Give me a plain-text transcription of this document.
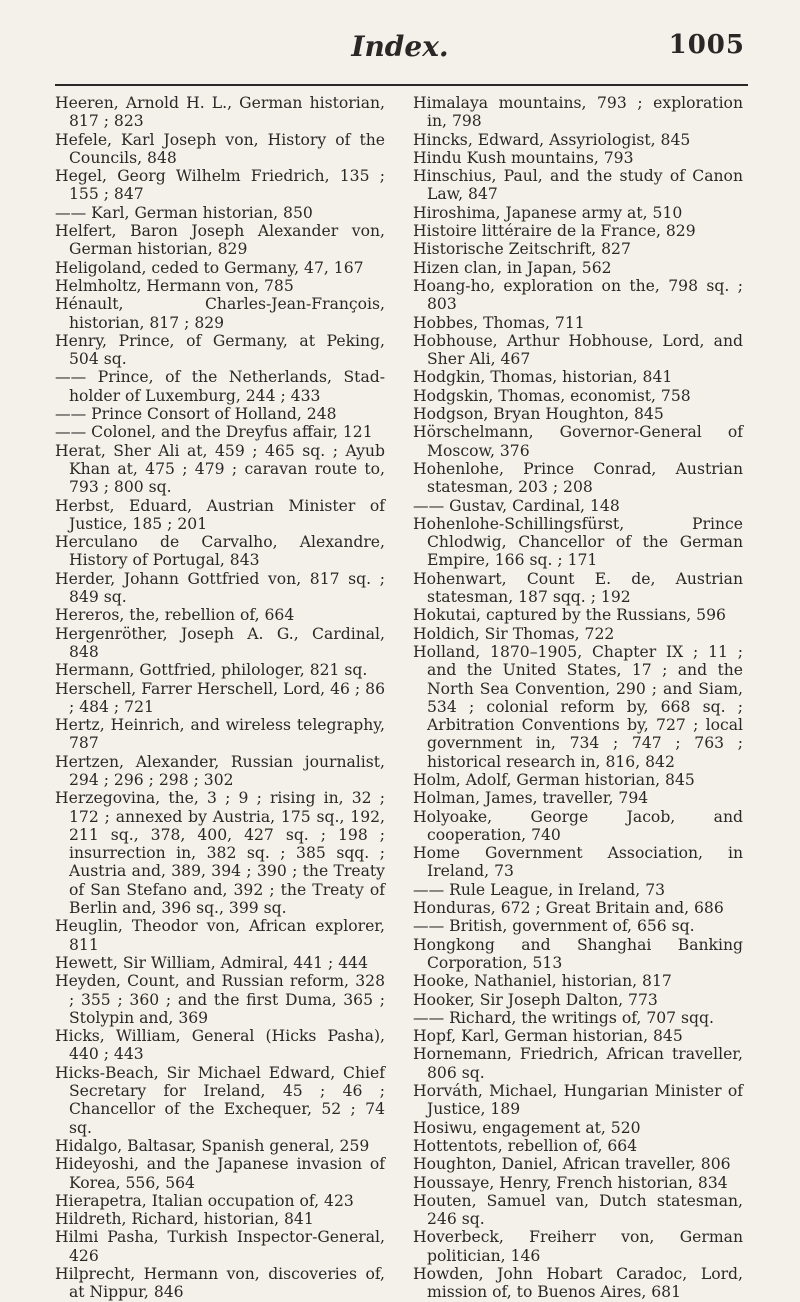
Index.	1005
Heeren, Arnold H. L., German historian, 817 ; 823
Hefele, Karl Joseph von, History of the Councils, 848
Hegel, Georg Wilhelm Friedrich, 135 ; 155 ; 847
—— Karl, German historian, 850
Helfert, Baron Joseph Alexander von, German historian, 829
Heligoland, ceded to Germany, 47, 167
Helmholtz, Hermann von, 785
Hénault, Charles-Jean-François, historian, 817 ; 829
Henry, Prince, of Germany, at Peking, 504 sq.
—— Prince, of the Netherlands, Stad-holder of Luxemburg, 244 ; 433
—— Prince Consort of Holland, 248
—— Colonel, and the Dreyfus affair, 121
Herat, Sher Ali at, 459 ; 465 sq. ; Ayub Khan at, 475 ; 479 ; caravan route to, 793 ; 800 sq.
Herbst, Eduard, Austrian Minister of Justice, 185 ; 201
Herculano de Carvalho, Alexandre, History of Portugal, 843
Herder, Johann Gottfried von, 817 sq. ; 849 sq.
Hereros, the, rebellion of, 664
Hergenröther, Joseph A. G., Cardinal, 848
Hermann, Gottfried, philologer, 821 sq.
Herschell, Farrer Herschell, Lord, 46 ; 86 ; 484 ; 721
Hertz, Heinrich, and wireless telegraphy, 787
Hertzen, Alexander, Russian journalist, 294 ; 296 ; 298 ; 302
Herzegovina, the, 3 ; 9 ; rising in, 32 ; 172 ; annexed by Austria, 175 sq., 192, 211 sq., 378, 400, 427 sq. ; 198 ; insurrection in, 382 sq. ; 385 sqq. ; Austria and, 389, 394 ; 390 ; the Treaty of San Stefano and, 392 ; the Treaty of Berlin and, 396 sq., 399 sq.
Heuglin, Theodor von, African explorer, 811
Hewett, Sir William, Admiral, 441 ; 444
Heyden, Count, and Russian reform, 328 ; 355 ; 360 ; and the first Duma, 365 ; Stolypin and, 369
Hicks, William, General (Hicks Pasha), 440 ; 443
Hicks-Beach, Sir Michael Edward, Chief Secretary for Ireland, 45 ; 46 ; Chancellor of the Exchequer, 52 ; 74 sq.
Hidalgo, Baltasar, Spanish general, 259
Hideyoshi, and the Japanese invasion of Korea, 556, 564
Hierapetra, Italian occupation of, 423
Hildreth, Richard, historian, 841
Hilmi Pasha, Turkish Inspector-General, 426
Hilprecht, Hermann von, discoveries of, at Nippur, 846
Himalaya mountains, 793 ; exploration in, 798
Hincks, Edward, Assyriologist, 845
Hindu Kush mountains, 793
Hinschius, Paul, and the study of Canon Law, 847
Hiroshima, Japanese army at, 510
Histoire littéraire de la France, 829
Historische Zeitschrift, 827
Hizen clan, in Japan, 562
Hoang-ho, exploration on the, 798 sq. ; 803
Hobbes, Thomas, 711
Hobhouse, Arthur Hobhouse, Lord, and Sher Ali, 467
Hodgkin, Thomas, historian, 841
Hodgskin, Thomas, economist, 758
Hodgson, Bryan Houghton, 845
Hörschelmann, Governor-General of Moscow, 376
Hohenlohe, Prince Conrad, Austrian statesman, 203 ; 208
—— Gustav, Cardinal, 148
Hohenlohe-Schillingsfürst, Prince Chlodwig, Chancellor of the German Empire, 166 sq. ; 171
Hohenwart, Count E. de, Austrian statesman, 187 sqq. ; 192
Hokutai, captured by the Russians, 596
Holdich, Sir Thomas, 722
Holland, 1870–1905, Chapter IX ; 11 ; and the United States, 17 ; and the North Sea Convention, 290 ; and Siam, 534 ; colonial reform by, 668 sq. ; Arbitration Conventions by, 727 ; local government in, 734 ; 747 ; 763 ; historical research in, 816, 842
Holm, Adolf, German historian, 845
Holman, James, traveller, 794
Holyoake, George Jacob, and cooperation, 740
Home Government Association, in Ireland, 73
—— Rule League, in Ireland, 73
Honduras, 672 ; Great Britain and, 686
—— British, government of, 656 sq.
Hongkong and Shanghai Banking Corporation, 513
Hooke, Nathaniel, historian, 817
Hooker, Sir Joseph Dalton, 773
—— Richard, the writings of, 707 sqq.
Hopf, Karl, German historian, 845
Hornemann, Friedrich, African traveller, 806 sq.
Horváth, Michael, Hungarian Minister of Justice, 189
Hosiwu, engagement at, 520
Hottentots, rebellion of, 664
Houghton, Daniel, African traveller, 806
Houssaye, Henry, French historian, 834
Houten, Samuel van, Dutch statesman, 246 sq.
Hoverbeck, Freiherr von, German politician, 146
Howden, John Hobart Caradoc, Lord, mission of, to Buenos Aires, 681
